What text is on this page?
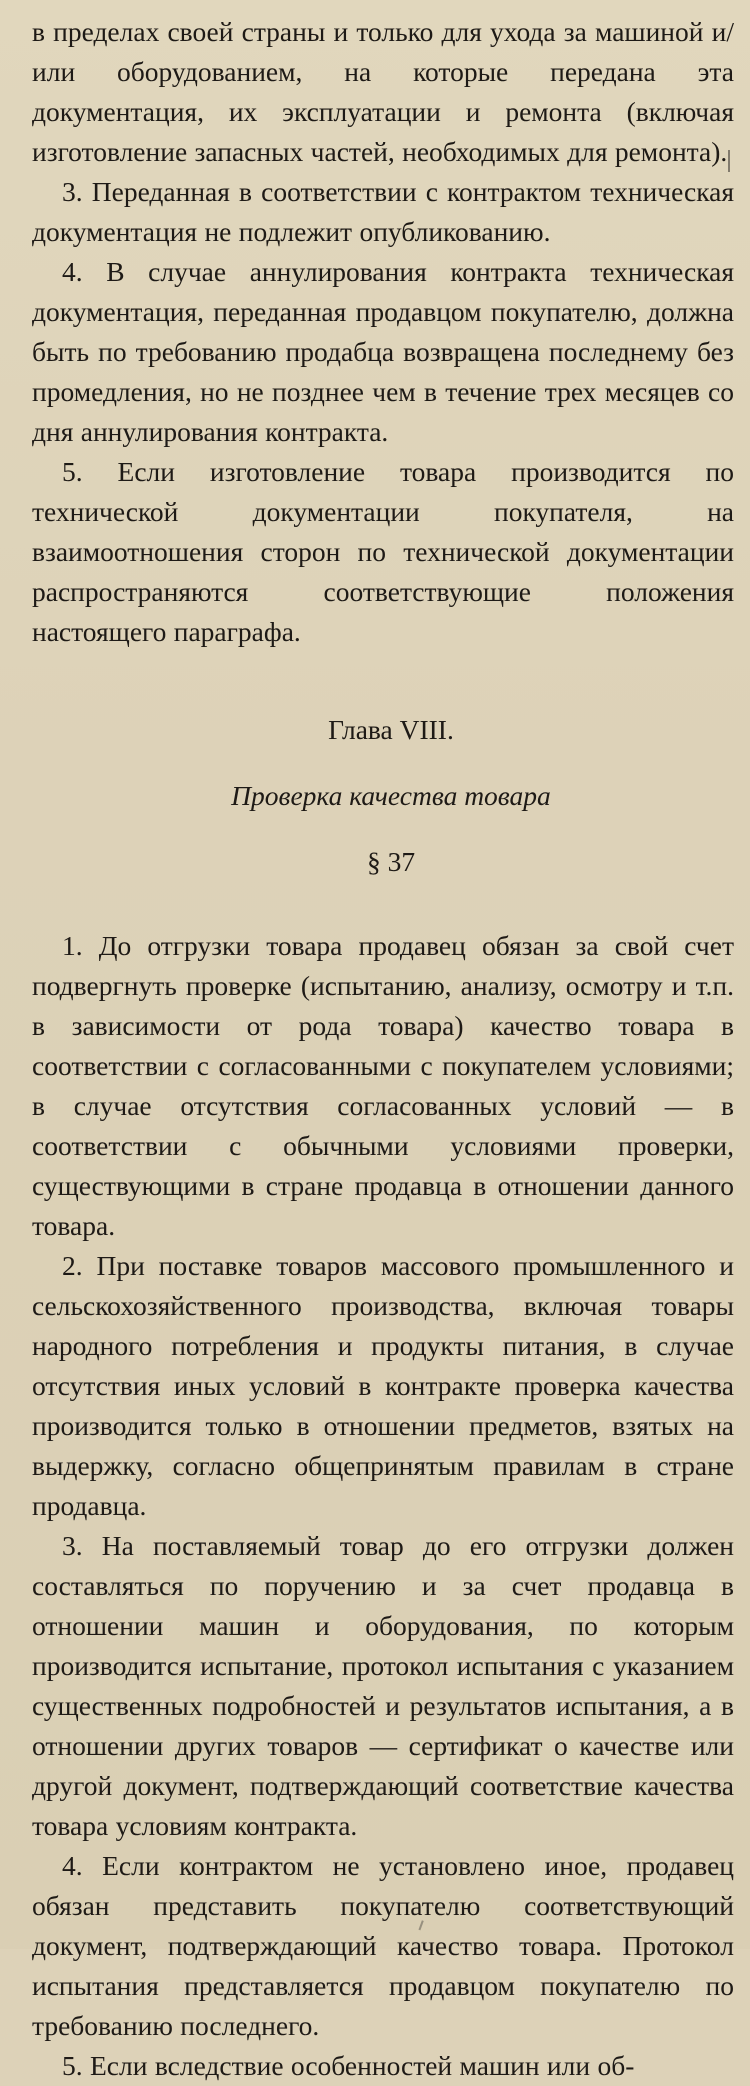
в пределах своей страны и только для ухода за машиной и/или оборудованием, на которые передана эта документация, их эксплуатации и ремонта (включая изготовление запасных частей, необходимых для ремонта).

3. Переданная в соответствии с контрактом техническая документация не подлежит опубликованию.

4. В случае аннулирования контракта техническая документация, переданная продавцом покупателю, должна быть по требованию продабца возвращена последнему без промедления, но не позднее чем в течение трех месяцев со дня аннулирования контракта.

5. Если изготовление товара производится по технической документации покупателя, на взаимоотношения сторон по технической документации распространяются соответствующие положения настоящего параграфа.

Глава VIII.
Проверка качества товара
§ 37

1. До отгрузки товара продавец обязан за свой счет подвергнуть проверке (испытанию, анализу, осмотру и т.п. в зависимости от рода товара) качество товара в соответствии с согласованными с покупателем условиями; в случае отсутствия согласованных условий — в соответствии с обычными условиями проверки, существующими в стране продавца в отношении данного товара.

2. При поставке товаров массового промышленного и сельскохозяйственного производства, включая товары народного потребления и продукты питания, в случае отсутствия иных условий в контракте проверка качества производится только в отношении предметов, взятых на выдержку, согласно общепринятым правилам в стране продавца.

3. На поставляемый товар до его отгрузки должен составляться по поручению и за счет продавца в отношении машин и оборудования, по которым производится испытание, протокол испытания с указанием существенных подробностей и результатов испытания, а в отношении других товаров — сертификат о качестве или другой документ, подтверждающий соответствие качества товара условиям контракта.

4. Если контрактом не установлено иное, продавец обязан представить покупателю соответствующий документ, подтверждающий качество товара. Протокол испытания представляется продавцом покупателю по требованию последнего.

5. Если вследствие особенностей машин или об-
